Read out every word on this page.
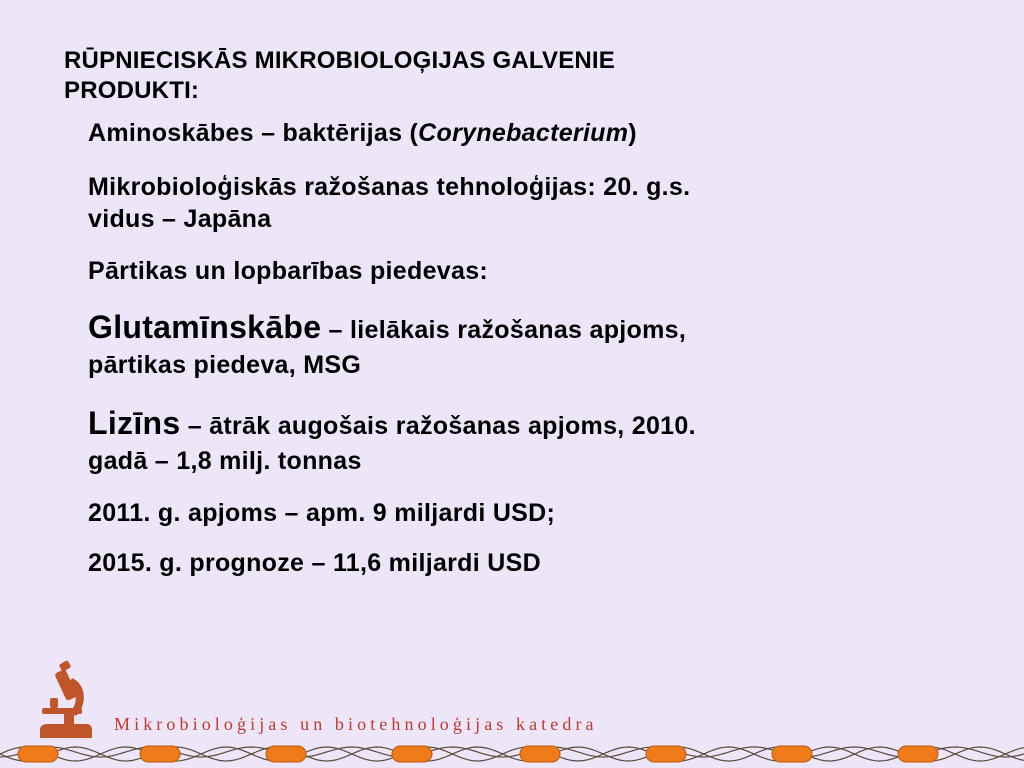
RŪPNIECISKĀS MIKROBIOLOĢIJAS GALVENIE
PRODUKTI:
Aminoskābes – baktērijas (Corynebacterium)
Mikrobioloģiskās ražošanas tehnoloģijas: 20. g.s.
vidus – Japāna
Pārtikas un lopbarības piedevas:
Glutamīnskābe – lielākais ražošanas apjoms,
pārtikas piedeva, MSG
Lizīns – ātrāk augošais ražošanas apjoms, 2010.
gadā – 1,8 milj. tonnas
2011. g. apjoms – apm. 9 miljardi USD;
2015. g. prognoze – 11,6 miljardi USD
Mikrobioloģijas un biotehnoloģijas katedra
